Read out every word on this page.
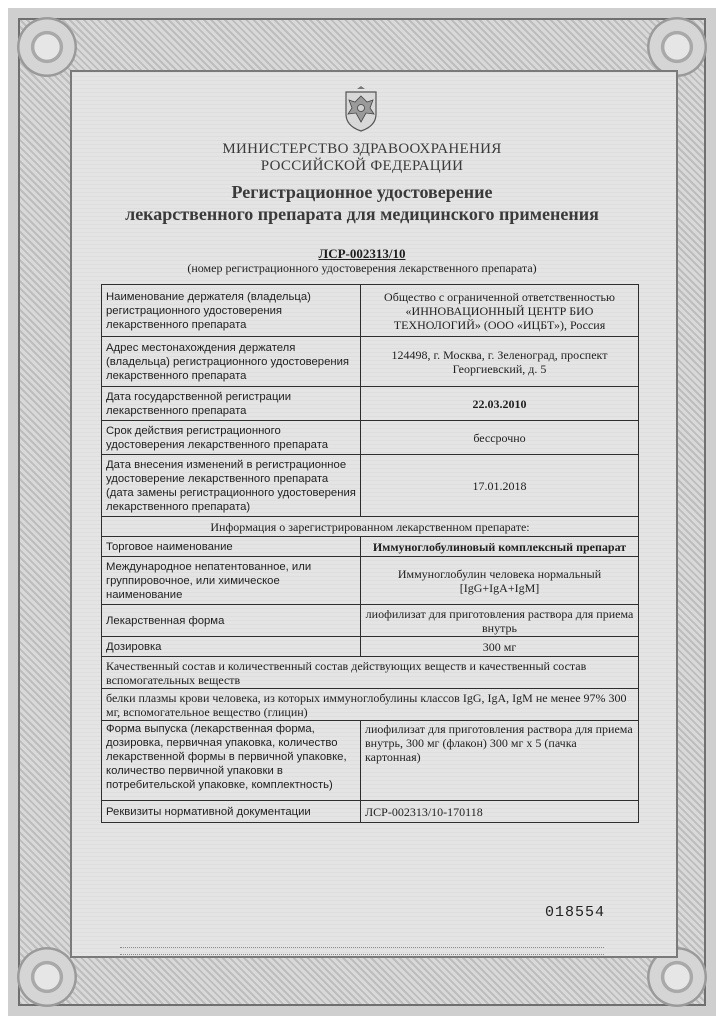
МИНИСТЕРСТВО ЗДРАВООХРАНЕНИЯ
РОССИЙСКОЙ ФЕДЕРАЦИИ
Регистрационное удостоверение
лекарственного препарата для медицинского применения
ЛСР-002313/10
(номер регистрационного удостоверения лекарственного препарата)
Наименование держателя (владельца) регистрационного удостоверения лекарственного препарата	Общество с ограниченной ответственностью «ИННОВАЦИОННЫЙ ЦЕНТР БИО ТЕХНОЛОГИЙ» (ООО «ИЦБТ»), Россия
Адрес местонахождения держателя (владельца) регистрационного удостоверения лекарственного препарата	124498, г. Москва, г. Зеленоград, проспект Георгиевский, д. 5
Дата государственной регистрации лекарственного препарата	22.03.2010
Срок действия регистрационного удостоверения лекарственного препарата	бессрочно
Дата внесения изменений в регистрационное удостоверение лекарственного препарата (дата замены регистрационного удостоверения лекарственного препарата)	17.01.2018
Информация о зарегистрированном лекарственном препарате:	
Торговое наименование	Иммуноглобулиновый комплексный препарат
Международное непатентованное, или группировочное, или химическое наименование	Иммуноглобулин человека нормальный [IgG+IgA+IgM]
Лекарственная форма	лиофилизат для приготовления раствора для приема внутрь
Дозировка	300 мг
Качественный состав и количественный состав действующих веществ и качественный состав вспомогательных веществ	
белки плазмы крови человека, из которых иммуноглобулины классов IgG, IgA, IgM не менее 97% 300 мг, вспомогательное вещество (глицин)	
Форма выпуска (лекарственная форма, дозировка, первичная упаковка, количество лекарственной формы в первичной упаковке, количество первичной упаковки в потребительской упаковке, комплектность)	лиофилизат для приготовления раствора для приема внутрь, 300 мг (флакон) 300 мг x 5 (пачка картонная)
Реквизиты нормативной документации	ЛСР-002313/10-170118
018554
